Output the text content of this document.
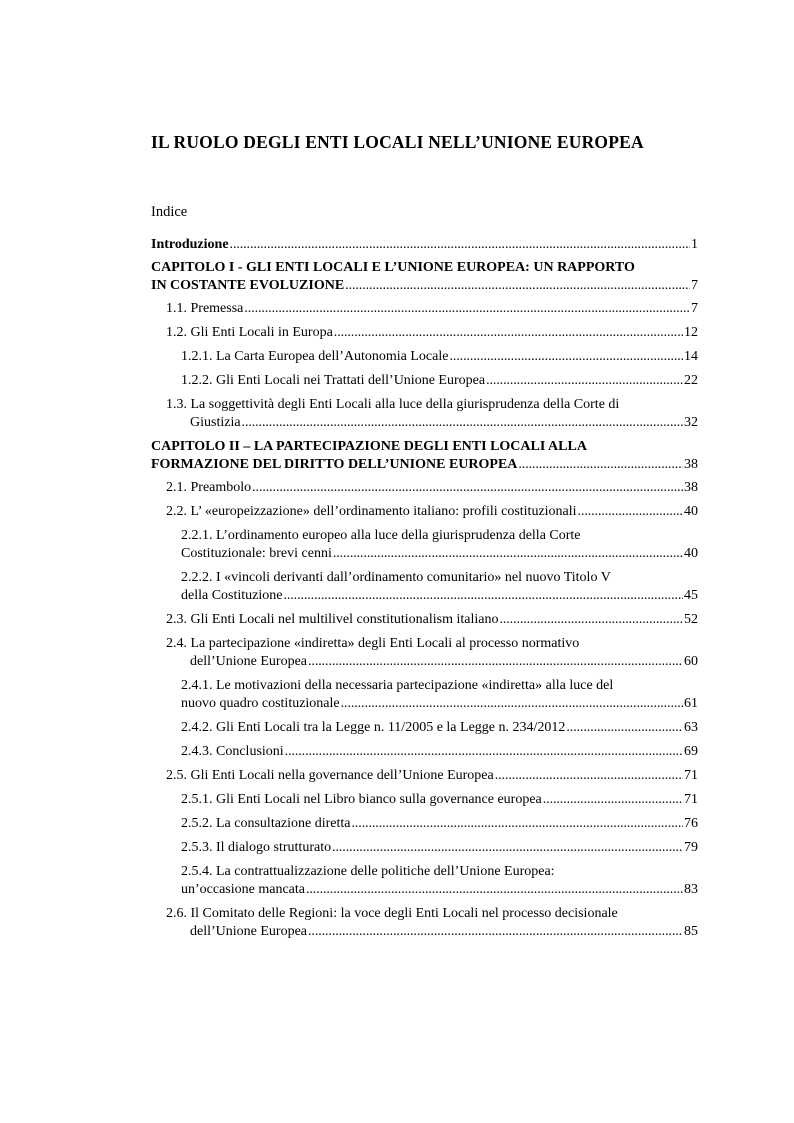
IL RUOLO DEGLI ENTI LOCALI NELL’UNIONE EUROPEA
Indice
Introduzione . . .	1
CAPITOLO I - GLI ENTI LOCALI E L’UNIONE EUROPEA: UN RAPPORTO
IN COSTANTE EVOLUZIONE . . .	7
1.1. Premessa . . .	7
1.2. Gli Enti Locali in Europa . . .	12
1.2.1. La Carta Europea dell’Autonomia Locale . . .	14
1.2.2. Gli Enti Locali nei Trattati dell’Unione Europea . . .	22
1.3. La soggettività degli Enti Locali alla luce della giurisprudenza della Corte di
Giustizia . . .	32
CAPITOLO II – LA PARTECIPAZIONE DEGLI ENTI LOCALI ALLA
FORMAZIONE DEL DIRITTO DELL’UNIONE EUROPEA . . .	38
2.1. Preambolo . . .	38
2.2. L’ «europeizzazione» dell’ordinamento italiano: profili costituzionali . . .	40
2.2.1. L’ordinamento europeo alla luce della giurisprudenza della Corte
Costituzionale: brevi cenni . . .	40
2.2.2. I «vincoli derivanti dall’ordinamento comunitario» nel nuovo Titolo V
della Costituzione . . .	45
2.3. Gli Enti Locali nel multilivel constitutionalism italiano . . .	52
2.4. La partecipazione «indiretta» degli Enti Locali al processo normativo
dell’Unione Europea . . .	60
2.4.1. Le motivazioni della necessaria partecipazione «indiretta» alla luce del
nuovo quadro costituzionale . . .	61
2.4.2. Gli Enti Locali tra la Legge n. 11/2005 e la Legge n. 234/2012 . . .	63
2.4.3. Conclusioni . . .	69
2.5. Gli Enti Locali nella governance dell’Unione Europea . . .	71
2.5.1. Gli Enti Locali nel Libro bianco sulla governance europea . . .	71
2.5.2. La consultazione diretta . . .	76
2.5.3. Il dialogo strutturato . . .	79
2.5.4. La contrattualizzazione delle politiche dell’Unione Europea:
un’occasione mancata . . .	83
2.6. Il Comitato delle Regioni: la voce degli Enti Locali nel processo decisionale
dell’Unione Europea . . .	85
